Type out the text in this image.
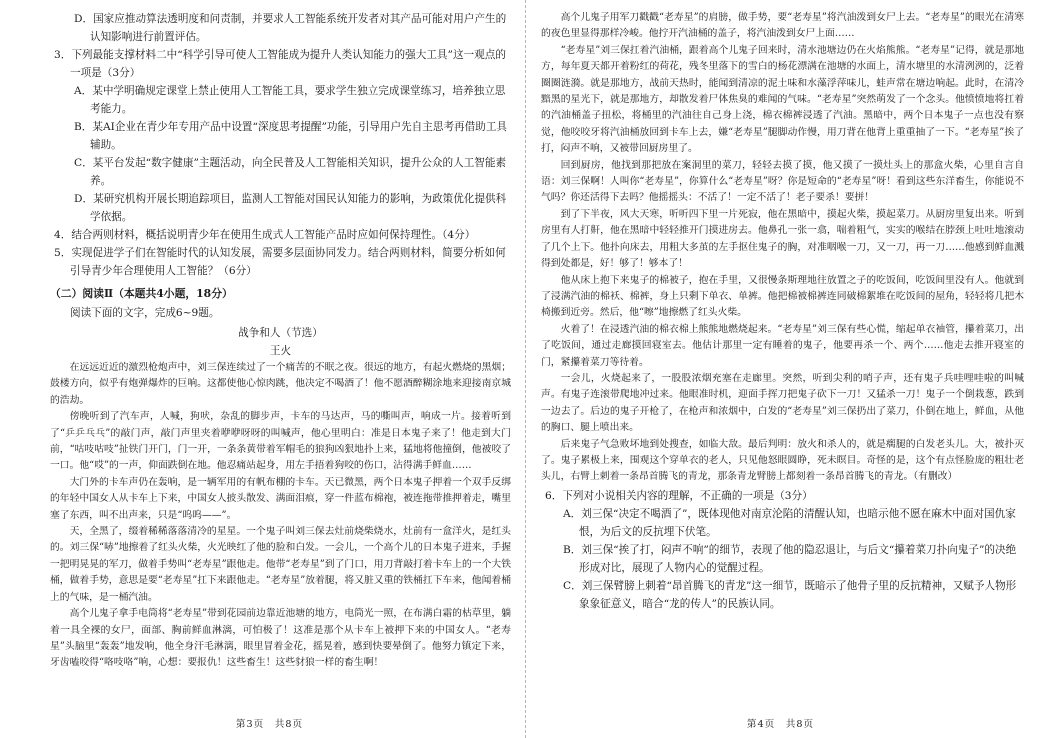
D．国家应推动算法透明度和问责制，并要求人工智能系统开发者对其产品可能对用户产生的认知影响进行前置评估。

3．下列最能支撑材料二中“科学引导可使人工智能成为提升人类认知能力的强大工具”这一观点的

一项是（3分）

A．某中学明确规定课堂上禁止使用人工智能工具，要求学生独立完成课堂练习，培养独立思考能力。

B．某AI企业在青少年专用产品中设置“深度思考提醒”功能，引导用户先自主思考再借助工具辅助。

C．某平台发起“数字健康”主题活动，向全民普及人工智能相关知识，提升公众的人工智能素养。

D．某研究机构开展长期追踪项目，监测人工智能对国民认知能力的影响，为政策优化提供科学依据。

4．结合两则材料，概括说明青少年在使用生成式人工智能产品时应如何保持理性。（4分）

5．实现促进学子们在智能时代的认知发展，需要多层面协同发力。结合两则材料，简要分析如何引导青少年合理使用人工智能？（6分）

（二）阅读Ⅱ（本题共4小题，18分）

阅读下面的文字，完成6~9题。

战争和人（节选）

王火

在远远近近的激烈枪炮声中，刘三保连续过了一个痛苦的不眠之夜。很远的地方，有起火燃烧的黑烟；鼓楼方向，似乎有炮弹爆炸的巨响。这都使他心惊肉跳，他决定不喝酒了！他不愿酒醉糊涂地来迎接南京城的浩劫。

傍晚听到了汽车声，人喊，狗吠，杂乱的脚步声，卡车的马达声，马的嘶叫声，响成一片。接着听到了“乒乒乓乓”的敲门声，敲门声里夹着咿咿呀呀的叫喊声，他心里明白：准是日本鬼子来了！他走到大门前，“咕吱咕吱”扯铁门开门，门一开，一条条黄带着军帽毛的狼狗凶狠地扑上来，猛地将他撞倒，他被咬了一口。他“哎”的一声，仰面跌倒在地。他忍痛站起身，用左手捂着狗咬的伤口，沾得满手鲜血……

大门外的卡车声仍在轰响，是一辆军用的有帆布棚的卡车。天已微黑，两个日本鬼子押着一个双手反绑的年轻中国女人从卡车上下来，中国女人披头散发、满面泪痕，穿一件蓝布棉袍，被连拖带推押着走，嘴里塞了东西，叫不出声来，只是“呜呜——”。

天，全黑了，缀着稀稀落落清冷的星星。一个鬼子叫刘三保去灶前烧柴烧水，灶前有一盒洋火，是红头的。刘三保“哧”地擦着了红头火柴，火光映红了他的脸和白发。一会儿，一个高个儿的日本鬼子进来，手握一把明晃晃的军刀，做着手势叫“老寿星”跟他走。他带“老寿星”到了门口，用刀背敲打着卡车上的一个大铁桶，做着手势，意思是要“老寿星”扛下来跟他走。“老寿星”放着腿，将又脏又重的铁桶扛下车来，他闻着桶上的气味，是一桶汽油。

高个儿鬼子拿手电筒将“老寿星”带到花园前边靠近池塘的地方，电筒光一照，在布满白霜的枯草里，躺着一具全裸的女尸，面部、胸前鲜血淋漓，可怕极了！这准是那个从卡车上被押下来的中国女人。“老寿星”头脑里“轰轰”地发响，他全身汗毛淋漓，眼里冒着金花，摇晃着，感到快要晕倒了。他努力镇定下来，牙齿嗑咬得“咯吱咯”响，心想：要报仇！这些畜生！这些豺狼一样的畜生啊！

第3页　共8页

高个儿鬼子用军刀戳戳“老寿星”的肩膀，做手势，要“老寿星”将汽油泼到女尸上去。“老寿星”的眼光在清寒的夜色里显得那样冷峻。他拧开汽油桶的盖子，将汽油泼到女尸上面……

“老寿星”刘三保扛着汽油桶，跟着高个儿鬼子回来时，清水池塘边仍在火焰熊熊。“老寿星”记得，就是那地方，每年夏天都开着粉红的荷花，残冬里落下的雪白的杨花漂满在池塘的水面上，清水塘里的水清洌洌的，泛着圈圈涟漪。就是那地方，战前天热时，能闻到清凉的泥土味和水藻浮萍味儿，蛙声常在塘边响起。此时，在清冷黯黑的星光下，就是那地方，却散发着尸体焦臭的难闻的气味。“老寿星”突然萌发了一个念头。他愤愤地将扛着的汽油桶盖子扭松，将桶里的汽油往自己身上浇，棉衣棉裤浸透了汽油。黑暗中，两个日本鬼子一点也没有察觉，他咬咬牙将汽油桶放回到卡车上去，嫌“老寿星”腿脚动作慢，用刀背在他背上重重抽了一下。“老寿星”挨了打，闷声不响，又被带回厨房里了。

回到厨房，他找到那把放在案洞里的菜刀，轻轻去摸了摸，他又摸了一摸灶头上的那盒火柴，心里自言自语：刘三保啊！人叫你“老寿星”，你算什么“老寿星”呀？你是短命的“老寿星”呀！看到这些东洋畜生，你能说不气吗？你还活得下去吗？他摇摇头：不活了！一定不活了！老子要杀！要拼！

到了下半夜，风大天寒，听听四下里一片死寂，他在黑暗中，摸起火柴，摸起菜刀。从厨房里复出来。听到房里有人打鼾，他在黑暗中轻轻推开门摸进房去。他鼻孔一张一翕，喘着粗气，实实的喉结在脖颈上吐吐地滚动了几个上下。他扑向床去，用粗大多茧的左手抠住鬼子的胸，对准咽喉一刀，又一刀，再一刀……他感到鲜血溅得到处都是，好！够了！够本了！

他从床上抱下来鬼子的棉被子，抱在手里，又很慢条斯理地往放置之子的吃饭间，吃饭间里没有人。他就到了浸满汽油的棉袄、棉裤，身上只剩下单衣、单裤。他把棉被棉裤连同破棉絮堆在吃饭间的屋角，轻轻将几把木椅搬到近旁。然后，他“嚓”地擦燃了红头火柴。

火着了！在浸透汽油的棉衣棉上熊熊地燃烧起来。“老寿星”刘三保有些心慌，缩起单衣袖管，攥着菜刀，出了吃饭间，通过走廊摸回寝室去。他估计那里一定有睡着的鬼子，他要再杀一个、两个……他走去推开寝室的门，紧攥着菜刀等待着。

一会儿，火烧起来了，一股股浓烟充塞在走廊里。突然，听到尖利的哨子声，还有鬼子兵哇哩哇啦的叫喊声。有鬼子连滚带爬地冲过来。他眼准时机，迎面手挥刀把鬼子砍下一刀！又猛杀一刀！鬼子一个倒栽葱，跌到一边去了。后边的鬼子开枪了，在枪声和浓烟中，白发的“老寿星”刘三保扔出了菜刀，仆倒在地上，鲜血，从他的胸口、腿上喷出来。

后来鬼子气急败坏地到处搜查，如临大敌。最后判明：放火和杀人的，就是瘸腿的白发老头儿。大，被扑灭了。鬼子累极上来，围观这个穿单衣的老人，只见他怒眼圆睁，死未瞑目。奇怪的是，这个有点怪脸庞的粗壮老头儿，右臂上刺着一条昂首腾飞的青龙，那条青龙臂膀上都刻着一条昂首腾飞的青龙。（有删改）

6．下列对小说相关内容的理解，不正确的一项是（3分）

A．刘三保“决定不喝酒了”，既体现他对南京沦陷的清醒认知，也暗示他不愿在麻木中面对国仇家恨，为后文的反抗埋下伏笔。

B．刘三保“挨了打，闷声不响”的细节，表现了他的隐忍退让，与后文“攥着菜刀扑向鬼子”的决绝形成对比，展现了人物内心的觉醒过程。

C．刘三保臂膀上刺着“昂首腾飞的青龙”这一细节，既暗示了他骨子里的反抗精神，又赋予人物形象象征意义，暗合“龙的传人”的民族认同。

第4页　共8页
